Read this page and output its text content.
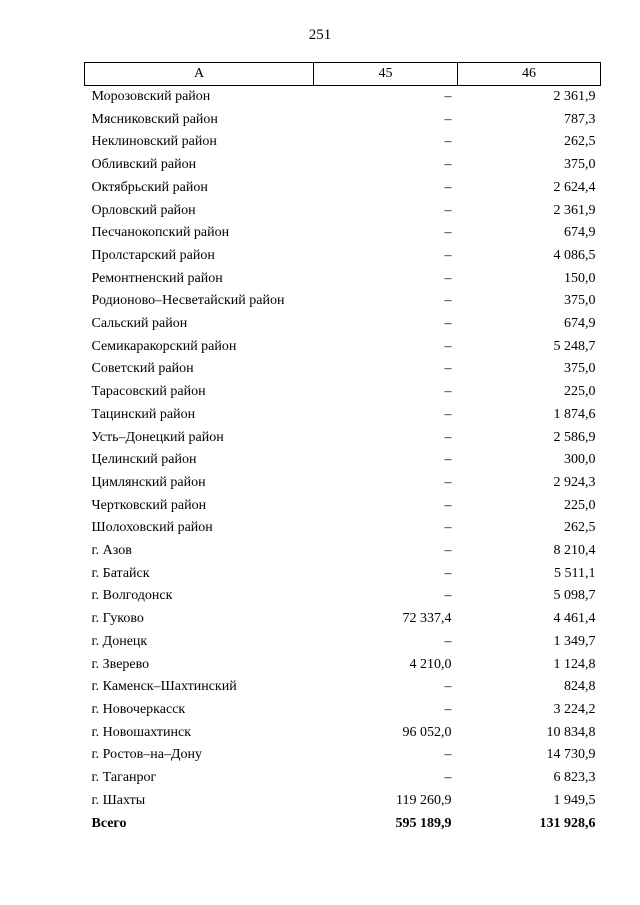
251
А	45	46
Морозовский район	–	2 361,9
Мясниковский район	–	787,3
Неклиновский район	–	262,5
Обливский район	–	375,0
Октябрьский район	–	2 624,4
Орловский район	–	2 361,9
Песчанокопский район	–	674,9
Пролстарский район	–	4 086,5
Ремонтненский район	–	150,0
Родионово–Несветайский район	–	375,0
Сальский район	–	674,9
Семикаракорский район	–	5 248,7
Советский район	–	375,0
Тарасовский район	–	225,0
Тацинский район	–	1 874,6
Усть–Донецкий район	–	2 586,9
Целинский район	–	300,0
Цимлянский район	–	2 924,3
Чертковский район	–	225,0
Шолоховский район	–	262,5
г. Азов	–	8 210,4
г. Батайск	–	5 511,1
г. Волгодонск	–	5 098,7
г. Гуково	72 337,4	4 461,4
г. Донецк	–	1 349,7
г. Зверево	4 210,0	1 124,8
г. Каменск–Шахтинский	–	824,8
г. Новочеркасск	–	3 224,2
г. Новошахтинск	96 052,0	10 834,8
г. Ростов–на–Дону	–	14 730,9
г. Таганрог	–	6 823,3
г. Шахты	119 260,9	1 949,5
Всего	595 189,9	131 928,6
